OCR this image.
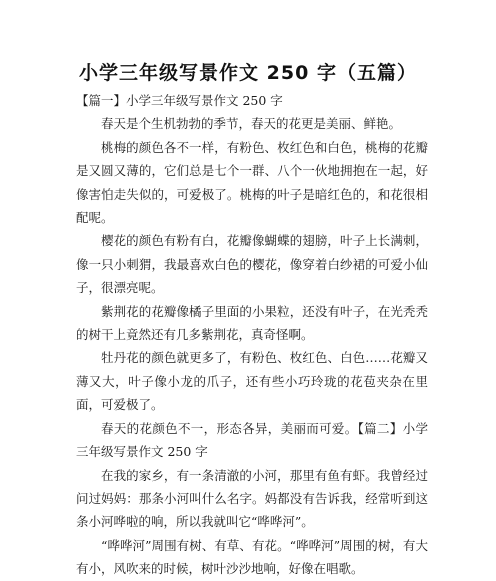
小学三年级写景作文 250 字（五篇）

【篇一】小学三年级写景作文 250 字

春天是个生机勃勃的季节，春天的花更是美丽、鲜艳。

桃梅的颜色各不一样，有粉色、枚红色和白色，桃梅的花瓣是又圆又薄的，它们总是七个一群、八个一伙地拥抱在一起，好像害怕走失似的，可爱极了。桃梅的叶子是暗红色的，和花很相配呢。

樱花的颜色有粉有白，花瓣像蝴蝶的翅膀，叶子上长满刺，像一只小刺猬，我最喜欢白色的樱花，像穿着白纱裙的可爱小仙子，很漂亮呢。

紫荆花的花瓣像橘子里面的小果粒，还没有叶子，在光秃秃的树干上竟然还有几多紫荆花，真奇怪啊。

牡丹花的颜色就更多了，有粉色、枚红色、白色……花瓣又薄又大，叶子像小龙的爪子，还有些小巧玲珑的花苞夹杂在里面，可爱极了。

春天的花颜色不一，形态各异，美丽而可爱。【篇二】小学三年级写景作文 250 字

在我的家乡，有一条清澈的小河，那里有鱼有虾。我曾经过问过妈妈：那条小河叫什么名字。妈都没有告诉我，经常听到这条小河哗啦的响，所以我就叫它“哗哗河”。

“哗哗河”周围有树、有草、有花。“哗哗河”周围的树，有大有小，风吹来的时候，树叶沙沙地响，好像在唱歌。
